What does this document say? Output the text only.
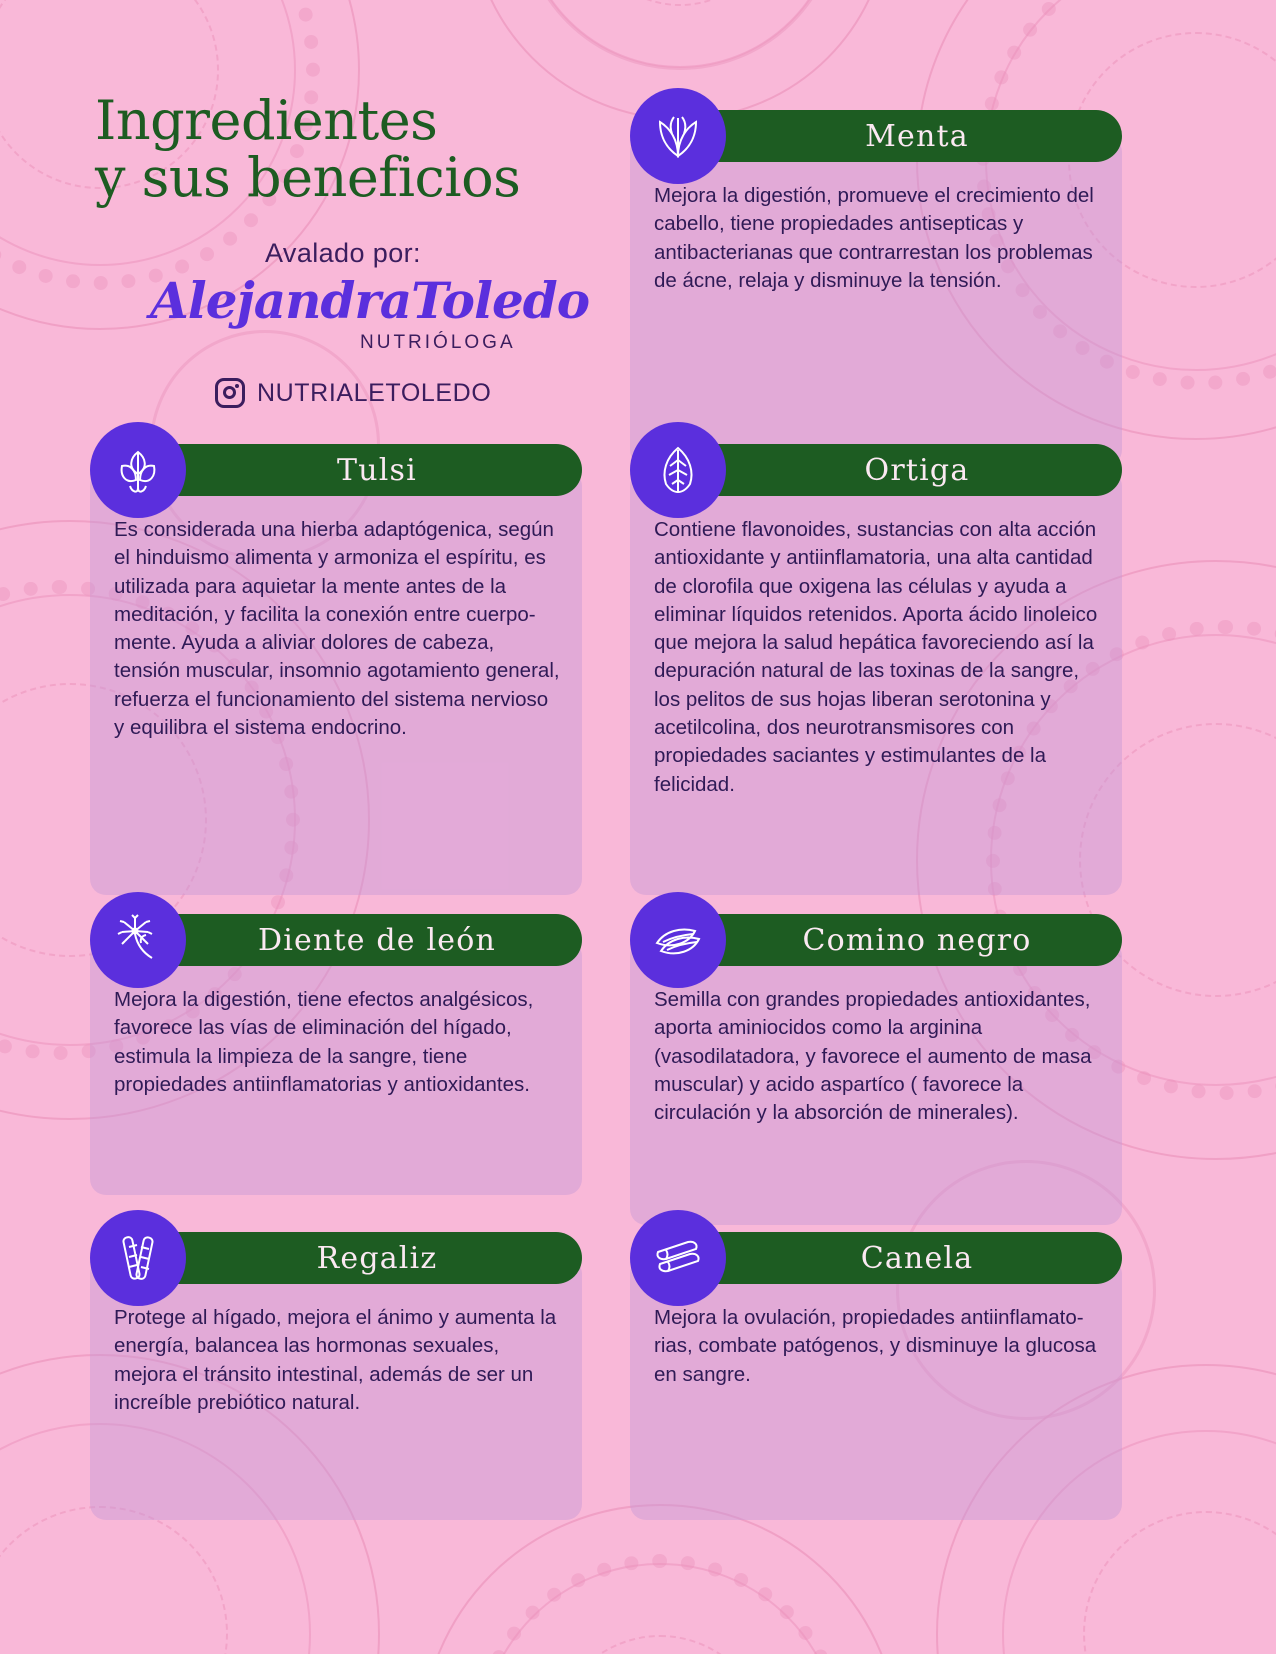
Ingredientes
y sus beneficios
Avalado por:
AlejandraToledo
NUTRIÓLOGA
NUTRIALETOLEDO
Menta
Mejora la digestión, promueve el crecimiento del cabello, tiene propiedades antisepticas y antibacterianas que contrarrestan los problemas de ácne, relaja y disminuye la tensión.
Tulsi
Es considerada una hierba adaptógenica, según el hinduismo alimenta y armoniza el espíritu, es utilizada para aquietar la mente antes de la meditación, y facilita la conexión entre cuerpo-mente. Ayuda a aliviar dolores de cabeza, tensión muscular, insomnio agotamiento general, refuerza el funcionamiento del sistema nervioso y equilibra el sistema endocrino.
Ortiga
Contiene flavonoides, sustancias con alta acción antioxidante y antiinflamatoria, una alta cantidad de clorofila que oxigena las células y ayuda a eliminar líquidos retenidos. Aporta ácido linoleico que mejora la salud hepática favoreciendo así la depuración natural de las toxinas de la sangre, los pelitos de sus hojas liberan serotonina y acetilcolina, dos neurotransmisores con propiedades saciantes y estimulantes de la felicidad.
Diente de león
Mejora la digestión, tiene efectos analgésicos, favorece las vías de eliminación del hígado, estimula la limpieza de la sangre, tiene propiedades antiinflamatorias y antioxidantes.
Comino negro
Semilla con grandes propiedades antioxidantes, aporta aminiocidos como la arginina (vasodilatadora, y favorece el aumento de masa muscular) y acido aspartíco ( favorece la circulación y la absorción de minerales).
Regaliz
Protege al hígado, mejora el ánimo y aumenta la energía, balancea las hormonas sexuales, mejora el tránsito intestinal, además de ser un increíble prebiótico natural.
Canela
Mejora la ovulación, propiedades antiinflamato-rias, combate patógenos, y disminuye la glucosa en sangre.
